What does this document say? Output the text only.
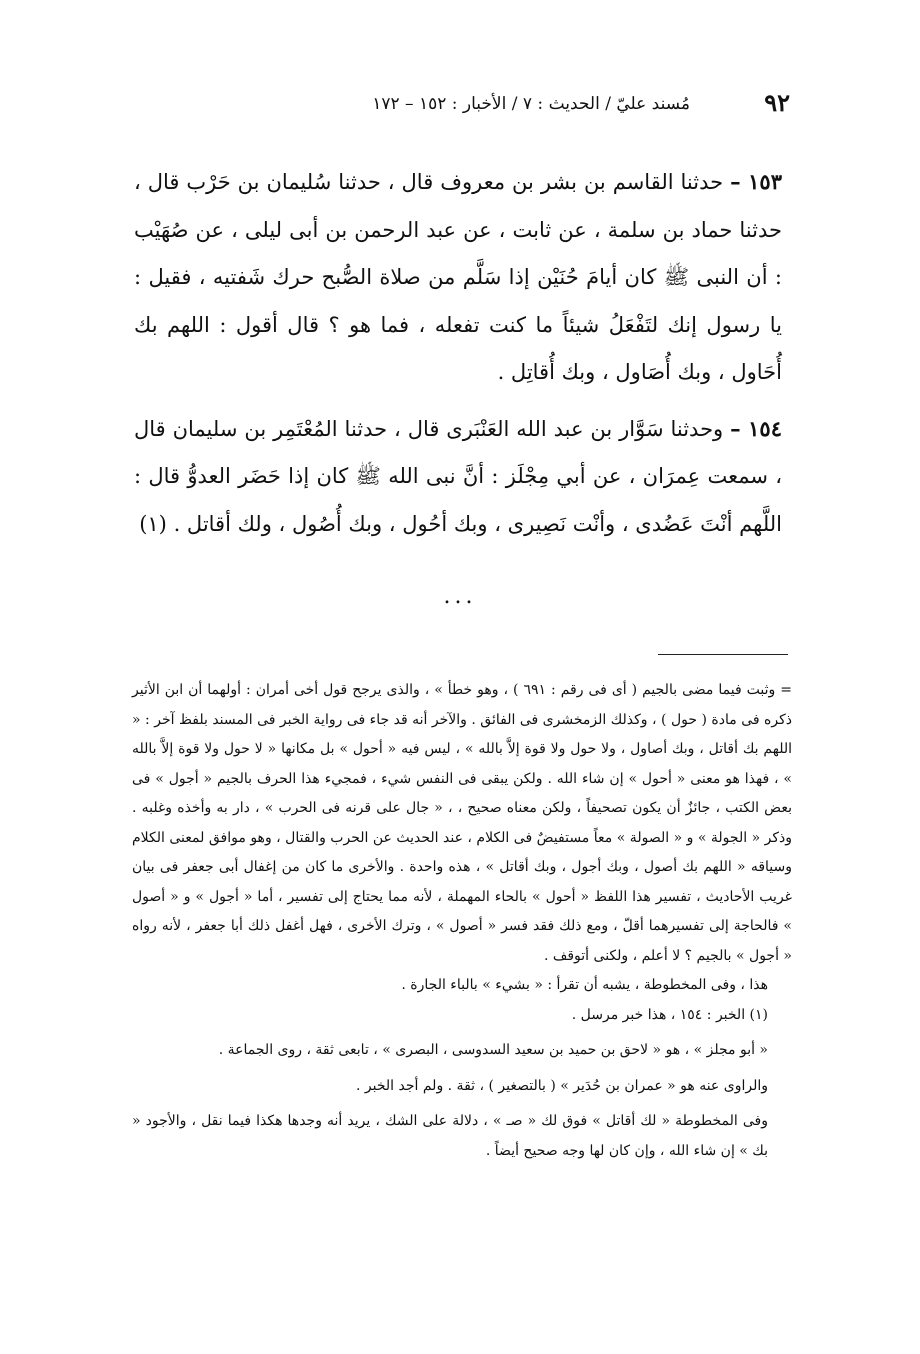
٩٢
مُسند عليّ / الحديث : ٧ / الأخبار : ١٥٢ – ١٧٢

١٥٣ – حدثنا القاسم بن بشر بن معروف قال ، حدثنا سُليمان بن حَرْب قال ، حدثنا حماد بن سلمة ، عن ثابت ، عن عبد الرحمن بن أبى ليلى ، عن صُهَيْب : أن النبى ﷺ كان أيامَ حُنَيْن إذا سَلَّم من صلاة الصُّبح حرك شَفتيه ، فقيل : يا رسول إنك لتَفْعَلُ شيئاً ما كنت تفعله ، فما هو ؟ قال أقول : اللهم بك أُحَاول ، وبك أُصَاول ، وبك أُقاتِل .

١٥٤ – وحدثنا سَوَّار بن عبد الله العَنْبَرى قال ، حدثنا المُعْتَمِر بن سليمان قال ، سمعت عِمرَان ، عن أبي مِجْلَز : أنَّ نبى الله ﷺ كان إذا حَضَر العدوُّ قال : اللَّهم أنْتَ عَضُدى ، وأنْت نَصِيرى ، وبك أحُول ، وبك أُصُول ، ولك أقاتل . (١)

...

= وثبت فيما مضى بالجيم ( أى فى رقم : ٦٩١ ) ، وهو خطأ » ، والذى يرجح قول أخى أمران : أولهما أن ابن الأثير ذكره فى مادة ( حول ) ، وكذلك الزمخشرى فى الفائق . والآخر أنه قد جاء فى رواية الخبر فى المسند بلفظ آخر : « اللهم بك أقاتل ، وبك أصاول ، ولا حول ولا قوة إلاَّ بالله » ، ليس فيه « أحول » بل مكانها « لا حول ولا قوة إلاَّ بالله » ، فهذا هو معنى « أحول » إن شاء الله . ولكن يبقى فى النفس شيء ، فمجيء هذا الحرف بالجيم « أجول » فى بعض الكتب ، جائزٌ أن يكون تصحيفاً ، ولكن معناه صحيح ، ، « جال على قرنه فى الحرب » ، دار به وأخذه وغلبه . وذكر « الجولة » و « الصولة » معاً مستفيضٌ فى الكلام ، عند الحديث عن الحرب والقتال ، وهو موافق لمعنى الكلام وسياقه « اللهم بك أصول ، وبك أجول ، وبك أقاتل » ، هذه واحدة . والأخرى ما كان من إغفال أبى جعفر فى بيان غريب الأحاديث ، تفسير هذا اللفظ « أحول » بالحاء المهملة ، لأنه مما يحتاج إلى تفسير ، أما « أجول » و « أصول » فالحاجة إلى تفسيرهما أقلّ ، ومع ذلك فقد فسر « أصول » ، وترك الأخرى ، فهل أغفل ذلك أبا جعفر ، لأنه رواه « أجول » بالجيم ؟ لا أعلم ، ولكنى أتوقف .

هذا ، وفى المخطوطة ، يشبه أن تقرأ : « بشيء » بالباء الجارة .

(١) الخبر : ١٥٤ ، هذا خبر مرسل .

« أبو مجلز » ، هو « لاحق بن حميد بن سعيد السدوسى ، البصرى » ، تابعى ثقة ، روى الجماعة .

والراوى عنه هو « عمران بن حُدَير » ( بالتصغير ) ، ثقة . ولم أجد الخبر .

وفى المخطوطة « لك أقاتل » فوق لك « صـ » ، دلالة على الشك ، يريد أنه وجدها هكذا فيما نقل ، والأجود « بك » إن شاء الله ، وإن كان لها وجه صحيح أيضاً .
